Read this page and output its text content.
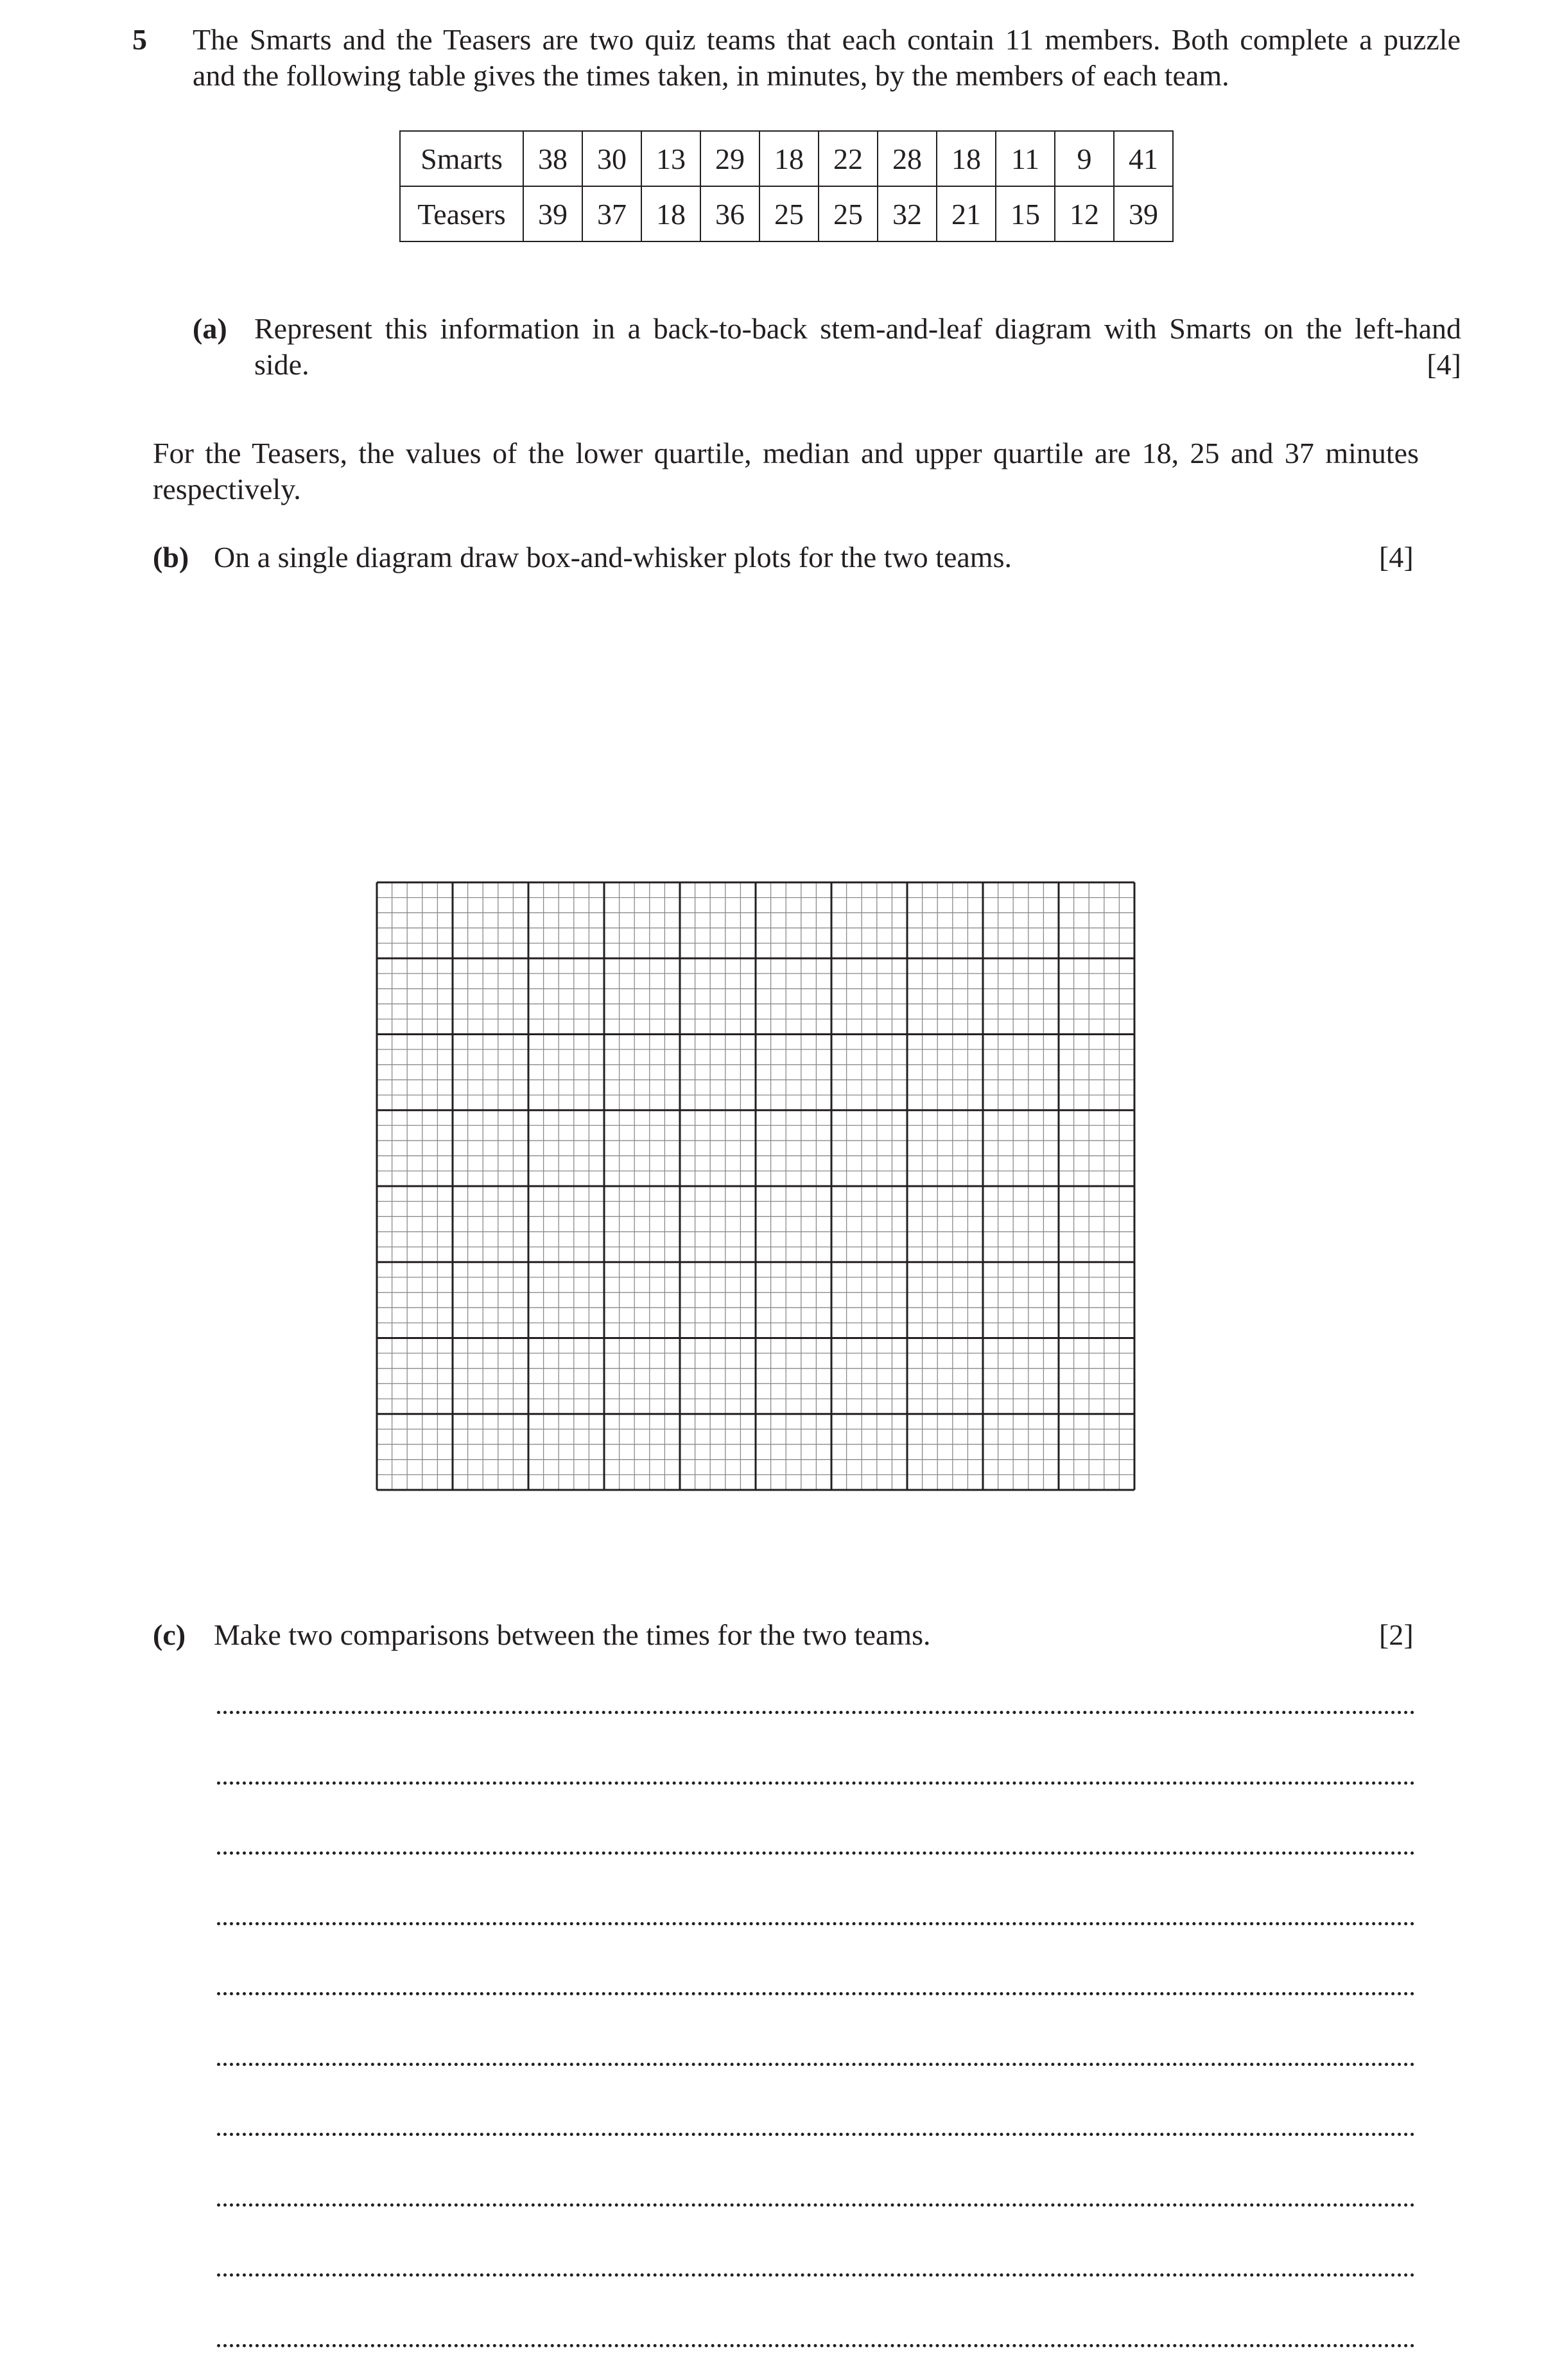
5 The Smarts and the Teasers are two quiz teams that each contain 11 members. Both complete a puzzle
and the following table gives the times taken, in minutes, by the members of each team.
Smarts	38	30	13	29	18	22	28	18	11	9	41
Teasers	39	37	18	36	25	25	32	21	15	12	39
(a) Represent this information in a back-to-back stem-and-leaf diagram with Smarts on the left-hand
side.	[4]
For the Teasers, the values of the lower quartile, median and upper quartile are 18, 25 and 37 minutes
respectively.
(b) On a single diagram draw box-and-whisker plots for the two teams.	[4]
(c) Make two comparisons between the times for the two teams.	[2]
